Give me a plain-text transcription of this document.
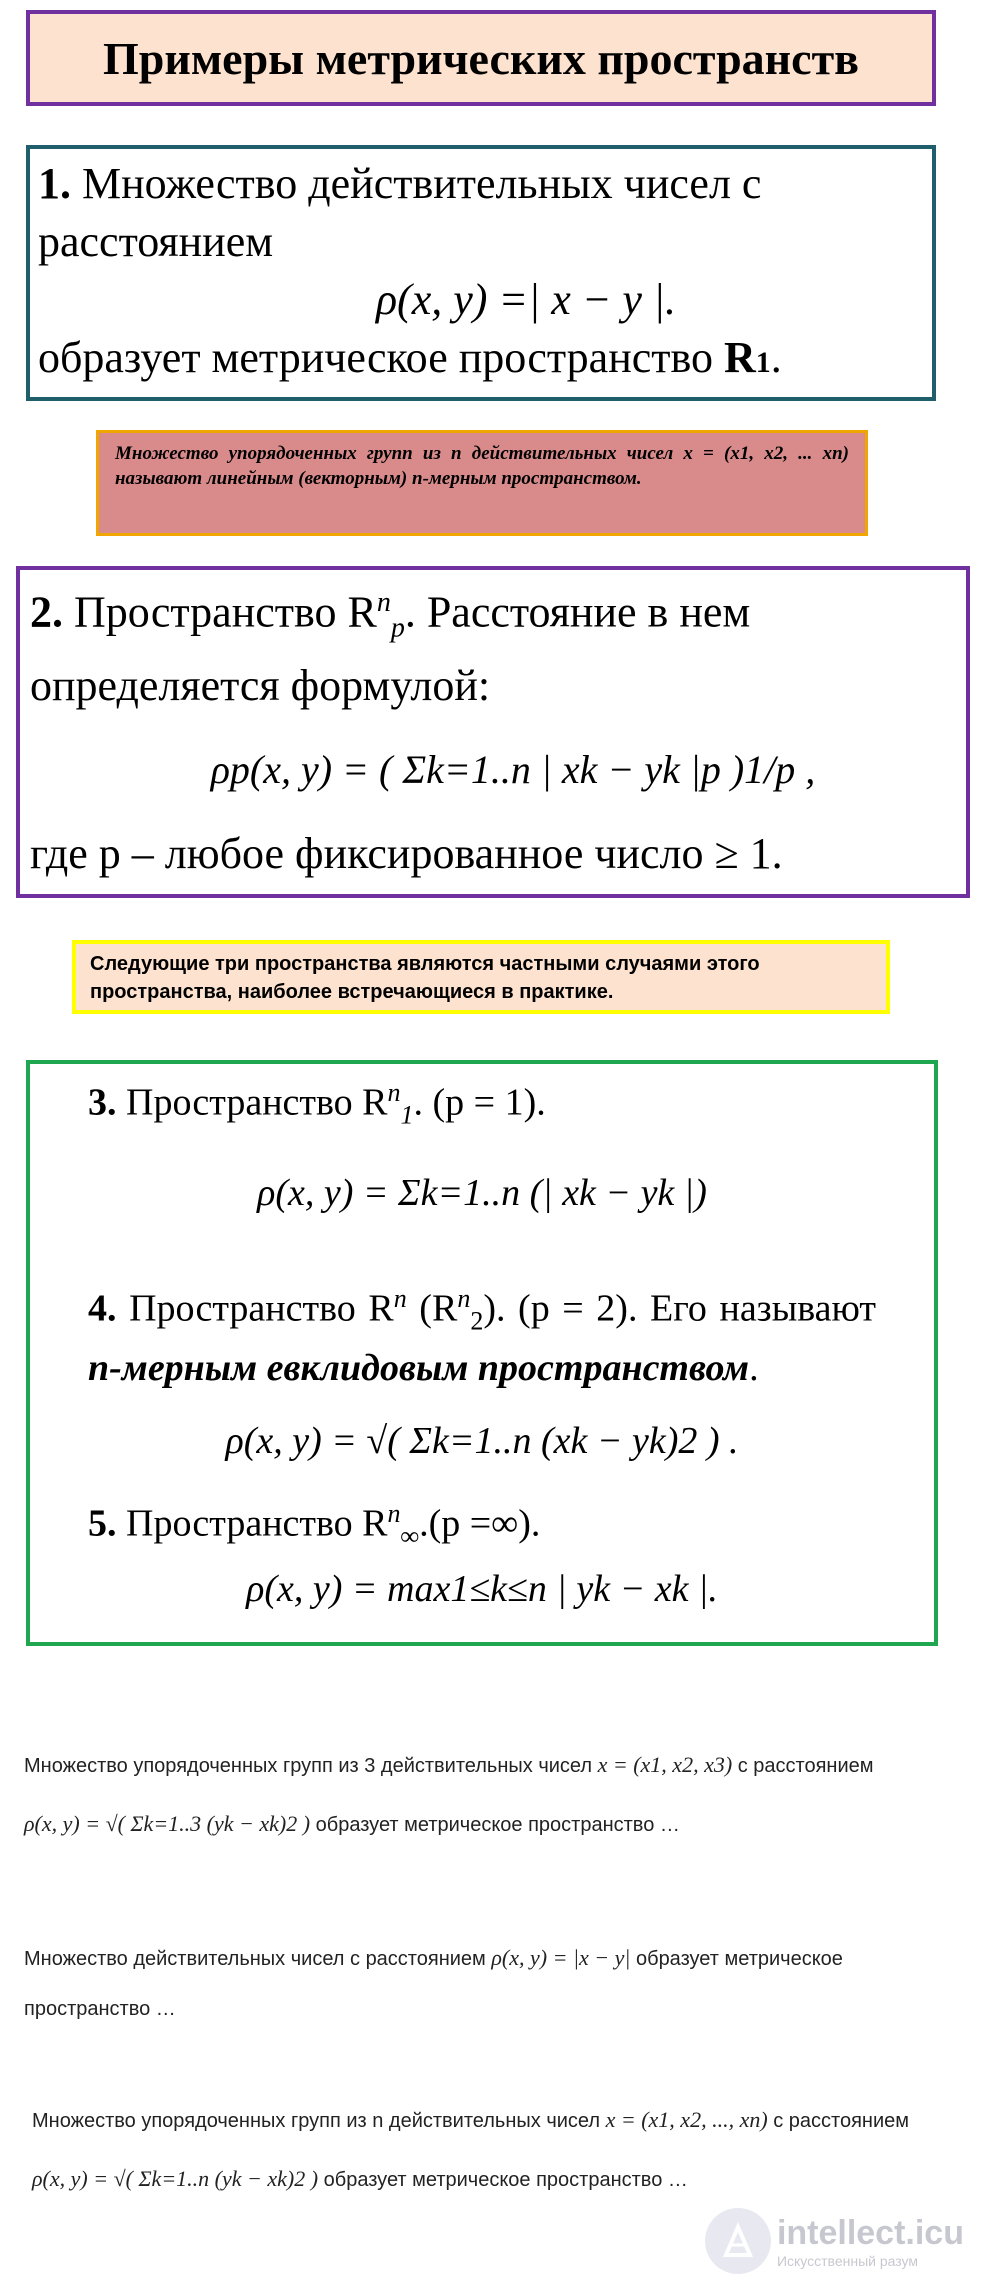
Примеры метрических пространств
1. Множество действительных чисел с
расстоянием
ρ(x, y) =| x − y |.
образует метрическое пространство R1.
Множество упорядоченных групп из n действительных чисел x = (x1, x2, ... xn) называют линейным (векторным) n-мерным пространством.
2. Пространство $R^n_p$. Расстояние в нем
определяется формулой:
ρp(x, y) = ( Σk=1..n | xk − yk |p )1/p ,
где p – любое фиксированное число ≥ 1.
Следующие три пространства являются частными случаями этого пространства, наиболее встречающиеся в практике.
3. Пространство $R^n_1$. (p = 1).
ρ(x, y) = Σk=1..n (| xk − yk |)
4. Пространство $R^n$ $(R^n_2)$. (p = 2). Его называют n-мерным евклидовым пространством.
ρ(x, y) = √( Σk=1..n (xk − yk)2 ) .
5. Пространство $R^n_\infty.(p$ =∞).
ρ(x, y) = max1≤k≤n | yk − xk |.
Множество упорядоченных групп из 3 действительных чисел x = (x1, x2, x3) с расстоянием
ρ(x, y) = √( Σk=1..3 (yk − xk)2 ) образует метрическое пространство …
Множество действительных чисел с расстоянием ρ(x, y) = |x − y| образует метрическое
пространство …
Множество упорядоченных групп из n действительных чисел x = (x1, x2, ..., xn) с расстоянием
ρ(x, y) = √( Σk=1..n (yk − xk)2 ) образует метрическое пространство …
intellect.icu
Искусственный разум
